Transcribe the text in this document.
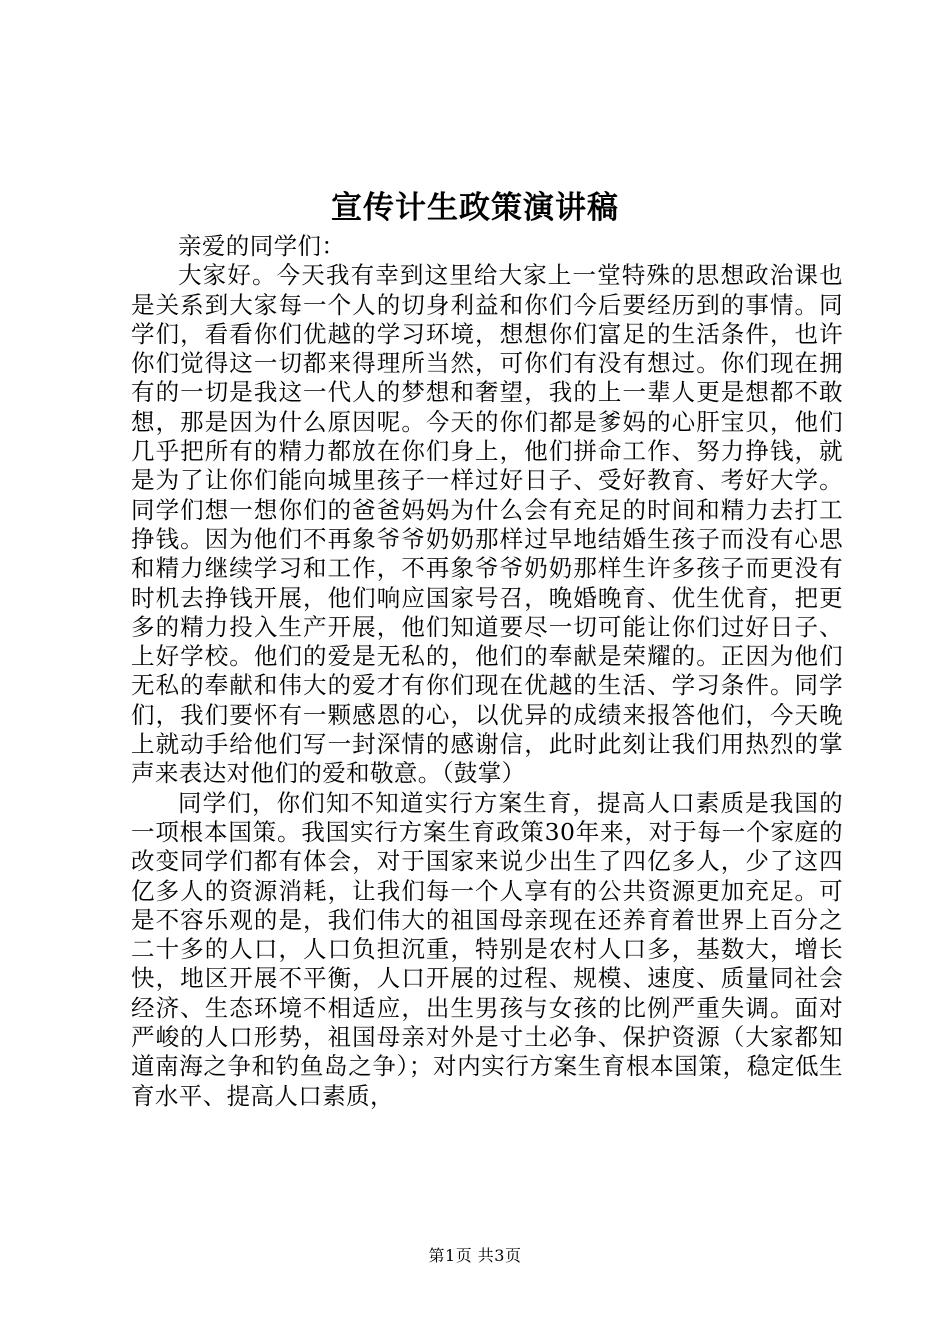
宣传计生政策演讲稿

亲爱的同学们：

大家好。今天我有幸到这里给大家上一堂特殊的思想政治课也是关系到大家每一个人的切身利益和你们今后要经历到的事情。同学们，看看你们优越的学习环境，想想你们富足的生活条件，也许你们觉得这一切都来得理所当然，可你们有没有想过。你们现在拥有的一切是我这一代人的梦想和奢望，我的上一辈人更是想都不敢想，那是因为什么原因呢。今天的你们都是爹妈的心肝宝贝，他们几乎把所有的精力都放在你们身上，他们拼命工作、努力挣钱，就是为了让你们能向城里孩子一样过好日子、受好教育、考好大学。同学们想一想你们的爸爸妈妈为什么会有充足的时间和精力去打工挣钱。因为他们不再象爷爷奶奶那样过早地结婚生孩子而没有心思和精力继续学习和工作，不再象爷爷奶奶那样生许多孩子而更没有时机去挣钱开展，他们响应国家号召，晚婚晚育、优生优育，把更多的精力投入生产开展，他们知道要尽一切可能让你们过好日子、上好学校。他们的爱是无私的，他们的奉献是荣耀的。正因为他们无私的奉献和伟大的爱才有你们现在优越的生活、学习条件。同学们，我们要怀有一颗感恩的心，以优异的成绩来报答他们，今天晚上就动手给他们写一封深情的感谢信，此时此刻让我们用热烈的掌声来表达对他们的爱和敬意。（鼓掌）

同学们，你们知不知道实行方案生育，提高人口素质是我国的一项根本国策。我国实行方案生育政策30年来，对于每一个家庭的改变同学们都有体会，对于国家来说少出生了四亿多人，少了这四亿多人的资源消耗，让我们每一个人享有的公共资源更加充足。可是不容乐观的是，我们伟大的祖国母亲现在还养育着世界上百分之二十多的人口，人口负担沉重，特别是农村人口多，基数大，增长快，地区开展不平衡，人口开展的过程、规模、速度、质量同社会经济、生态环境不相适应，出生男孩与女孩的比例严重失调。面对严峻的人口形势，祖国母亲对外是寸土必争、保护资源（大家都知道南海之争和钓鱼岛之争）；对内实行方案生育根本国策，稳定低生育水平、提高人口素质，

第1页 共3页
